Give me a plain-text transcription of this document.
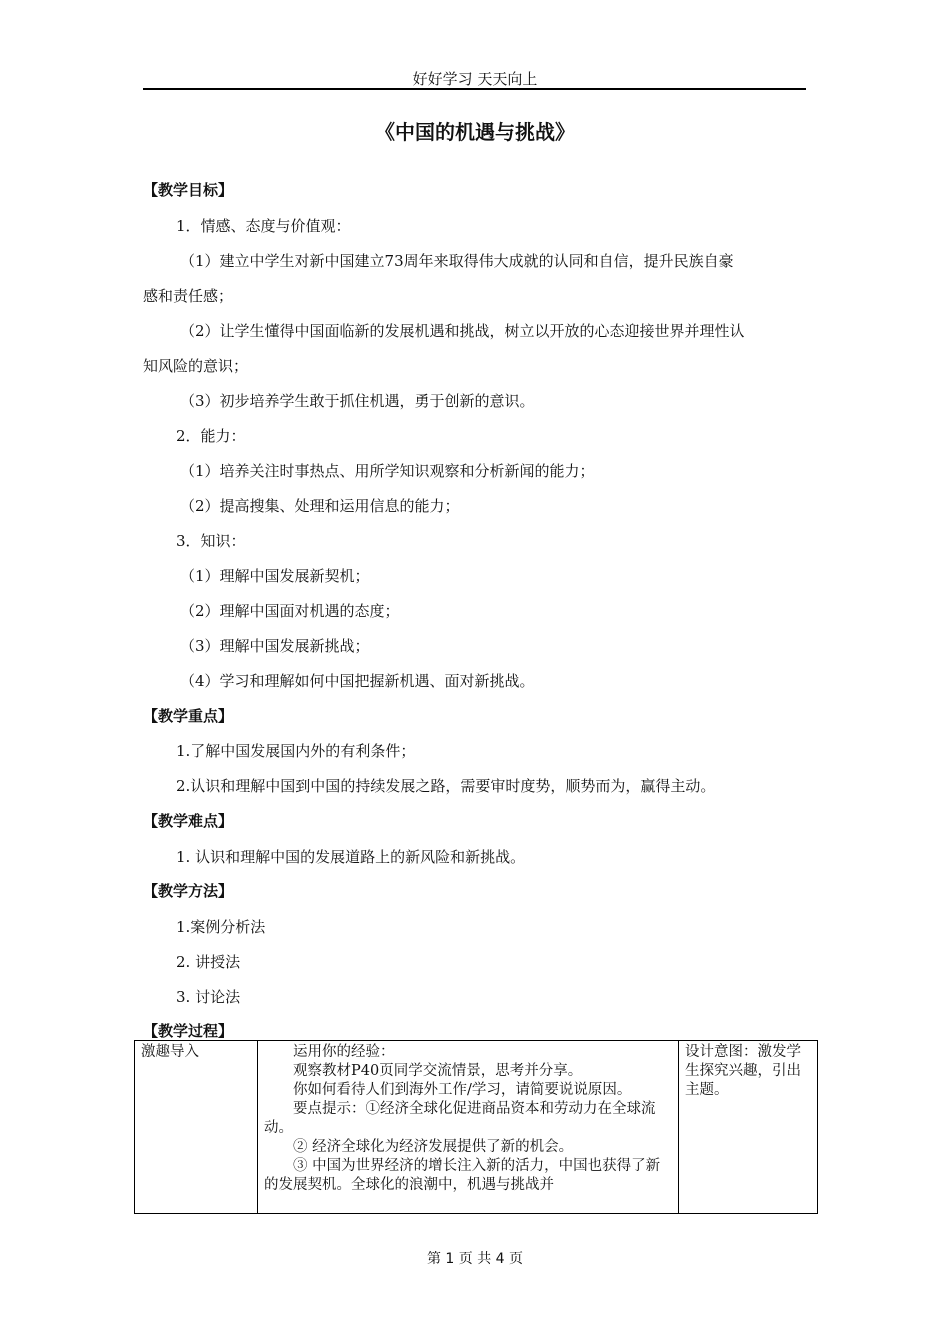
好好学习 天天向上
《中国的机遇与挑战》
【教学目标】
1．情感、态度与价值观：
（1）建立中学生对新中国建立73周年来取得伟大成就的认同和自信，提升民族自豪
感和责任感；
（2）让学生懂得中国面临新的发展机遇和挑战，树立以开放的心态迎接世界并理性认
知风险的意识；
（3）初步培养学生敢于抓住机遇，勇于创新的意识。
2．能力：
（1）培养关注时事热点、用所学知识观察和分析新闻的能力；
（2）提高搜集、处理和运用信息的能力；
3．知识：
（1）理解中国发展新契机；
（2）理解中国面对机遇的态度；
（3）理解中国发展新挑战；
（4）学习和理解如何中国把握新机遇、面对新挑战。
【教学重点】
1.了解中国发展国内外的有利条件；
2.认识和理解中国到中国的持续发展之路，需要审时度势，顺势而为，赢得主动。
【教学难点】
1. 认识和理解中国的发展道路上的新风险和新挑战。
【教学方法】
1.案例分析法
2. 讲授法
3. 讨论法
【教学过程】
激趣导入	运用你的经验：

观察教材P40页同学交流情景，思考并分享。

你如何看待人们到海外工作/学习，请简要说说原因。

要点提示：①经济全球化促进商品资本和劳动力在全球流动。

② 经济全球化为经济发展提供了新的机会。

③ 中国为世界经济的增长注入新的活力，中国也获得了新的发展契机。全球化的浪潮中，机遇与挑战并

	设计意图：激发学生探究兴趣，引出主题。
第 1 页 共 4 页
